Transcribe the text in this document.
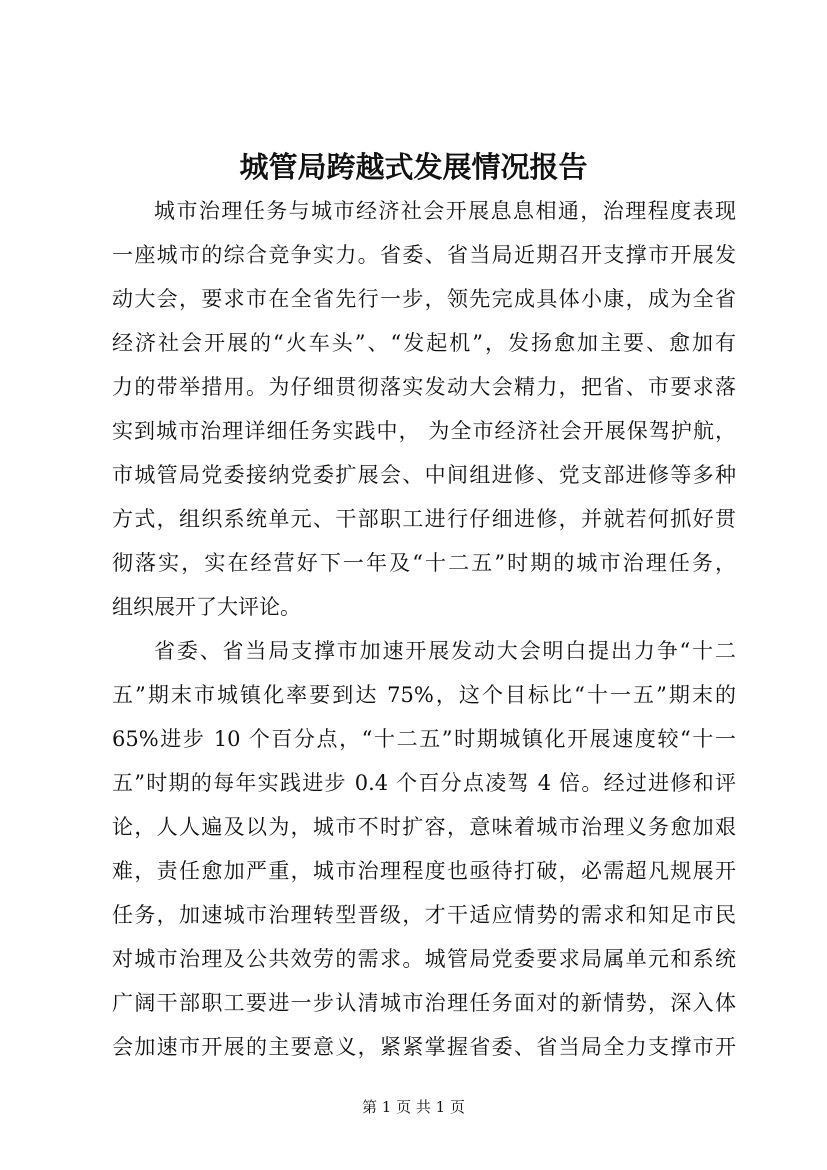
城管局跨越式发展情况报告

城市治理任务与城市经济社会开展息息相通，治理程度表现

一座城市的综合竞争实力。省委、省当局近期召开支撑市开展发

动大会，要求市在全省先行一步，领先完成具体小康，成为全省

经济社会开展的“火车头”、“发起机”，发扬愈加主要、愈加有

力的带举措用。为仔细贯彻落实发动大会精力，把省、市要求落

实到城市治理详细任务实践中， 为全市经济社会开展保驾护航，

市城管局党委接纳党委扩展会、中间组进修、党支部进修等多种

方式，组织系统单元、干部职工进行仔细进修，并就若何抓好贯

彻落实，实在经营好下一年及“十二五”时期的城市治理任务，

组织展开了大评论。

省委、省当局支撑市加速开展发动大会明白提出力争“十二

五”期末市城镇化率要到达 75%，这个目标比“十一五”期末的

65%进步 10 个百分点，“十二五”时期城镇化开展速度较“十一

五”时期的每年实践进步 0.4 个百分点凌驾 4 倍。经过进修和评

论，人人遍及以为，城市不时扩容，意味着城市治理义务愈加艰

难，责任愈加严重，城市治理程度也亟待打破，必需超凡规展开

任务，加速城市治理转型晋级，才干适应情势的需求和知足市民

对城市治理及公共效劳的需求。城管局党委要求局属单元和系统

广阔干部职工要进一步认清城市治理任务面对的新情势，深入体

会加速市开展的主要意义，紧紧掌握省委、省当局全力支撑市开

第 1 页 共 1 页
